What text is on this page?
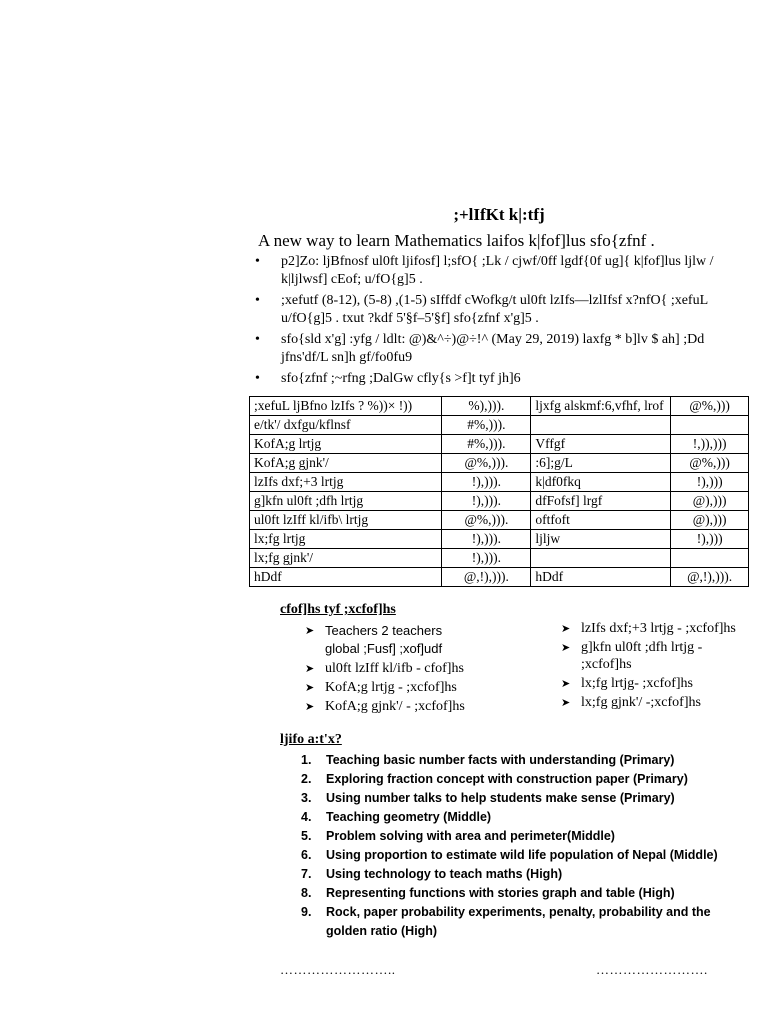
;+lIfKt k|:tfj
A new way to learn Mathematics laifos k|fof]lus sfo{zfnf .
• p2]Zo: ljBfnosf ul0ft ljifosf] l;sfO{ ;Lk / cjwf/0ff lgdf{0f ug]{ k|fof]lus ljlw / k|ljlwsf] cEof; u/fO{g]5 .
• ;xefutf (8-12), (5-8) ,(1-5) sIffdf cWofkg/t ul0ft lzIfs—lzlIfsf x?nfO{ ;xefuL u/fO{g]5 . txut ?kdf 5'§f–5'§f] sfo{zfnf x'g]5 .
• sfo{sld x'g] :yfg / ldlt: @)&^÷)@÷!^ (May 29, 2019) laxfg * b]lv $ ah] ;Dd jfns'df/L sn]h gf/fo0fu9
• sfo{zfnf ;~rfng ;DalGw cfly{s >f]t tyf jh]6
;xefuL ljBfno lzIfs ? %))× !))	%),))).	ljxfg alskmf:6,vfhf, lrof	@%,)))
e/tk'/ dxfgu/kflnsf	#%,))).		
KofA;g lrtjg	#%,))).	Vffgf	!,)),)))
KofA;g gjnk'/	@%,))).	:6];g/L	@%,)))
lzIfs dxf;+3 lrtjg	!),))).	k|df0fkq	!),)))
g]kfn ul0ft ;dfh lrtjg	!),))).	dfFofsf] lrgf	@),)))
ul0ft lzIff kl/ifb\ lrtjg	@%,))).	oftfoft	@),)))
lx;fg lrtjg	!),))).	ljljw	!),)))
lx;fg gjnk'/	!),))).		
hDdf	@,!),))).	hDdf	@,!),))).
cfof]hs tyf ;xcfof]hs
➤ Teachers 2 teachers global ;Fusf] ;xof]udf
➤ ul0ft lzIff kl/ifb - cfof]hs
➤ KofA;g lrtjg - ;xcfof]hs
➤ KofA;g gjnk'/ - ;xcfof]hs
➤ lzIfs dxf;+3 lrtjg - ;xcfof]hs
➤ g]kfn ul0ft ;dfh lrtjg - ;xcfof]hs
➤ lx;fg lrtjg- ;xcfof]hs
➤ lx;fg gjnk'/ -;xcfof]hs
ljifo a:t'x?
1. Teaching basic number facts with understanding (Primary)
2. Exploring fraction concept with construction paper (Primary)
3. Using number talks to help students make sense (Primary)
4. Teaching geometry (Middle)
5. Problem solving with area and perimeter(Middle)
6. Using proportion to estimate wild life population of Nepal (Middle)
7. Using technology to teach maths (High)
8. Representing functions with stories graph and table (High)
9. Rock, paper probability experiments, penalty, probability and the golden ratio (High)
……………………..	…………………….
